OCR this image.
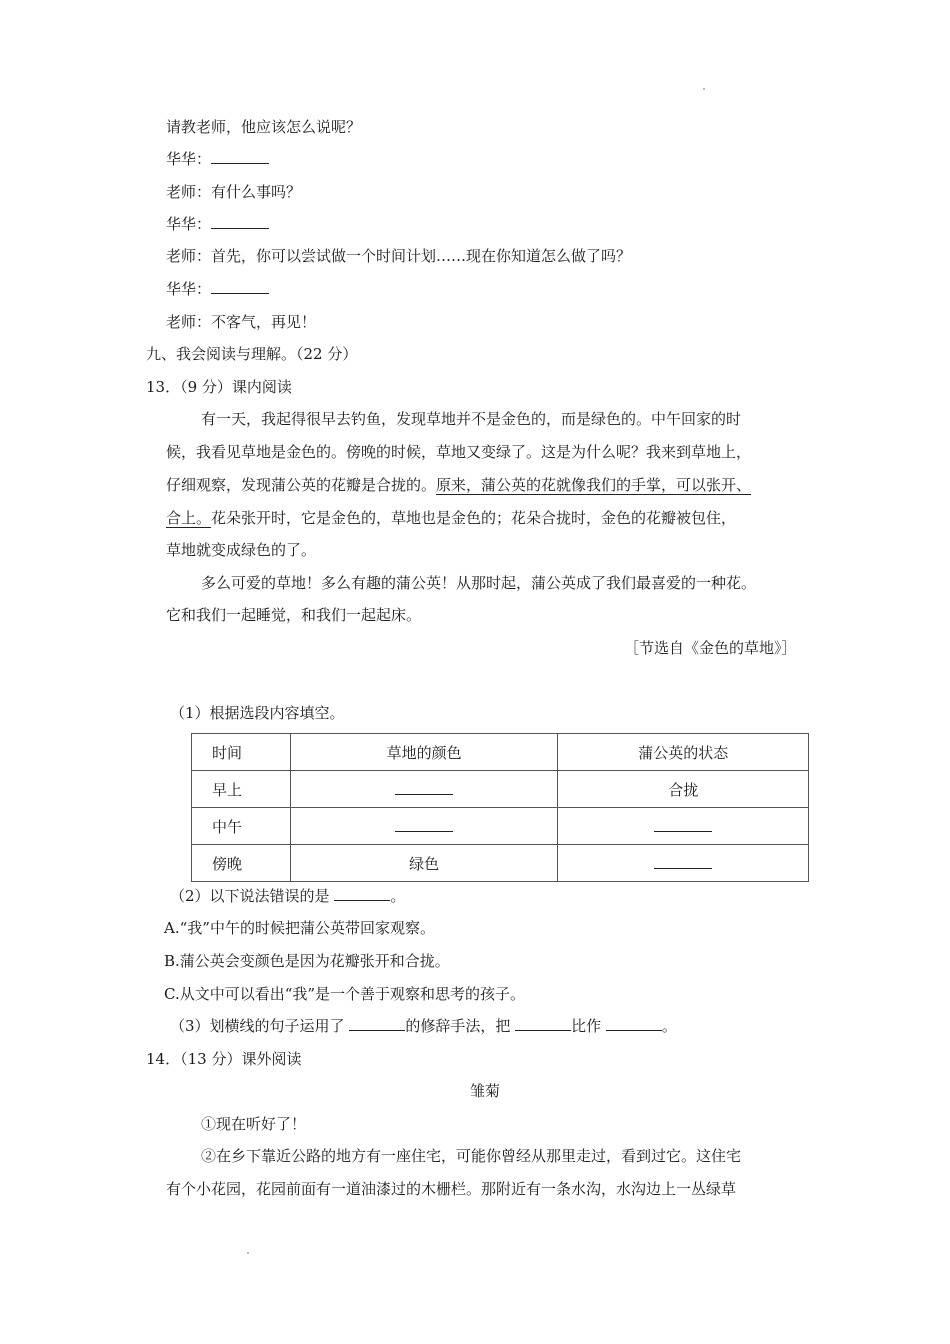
请教老师，他应该怎么说呢？
华华：
老师：有什么事吗？
华华：
老师：首先，你可以尝试做一个时间计划……现在你知道怎么做了吗？
华华：
老师：不客气，再见！
九、我会阅读与理解。（22 分）
13．（9 分）课内阅读
有一天，我起得很早去钓鱼，发现草地并不是金色的，而是绿色的。中午回家的时
候，我看见草地是金色的。傍晚的时候，草地又变绿了。这是为什么呢？我来到草地上，
仔细观察，发现蒲公英的花瓣是合拢的。原来，蒲公英的花就像我们的手掌，可以张开、
合上。花朵张开时，它是金色的，草地也是金色的；花朵合拢时，金色的花瓣被包住，
草地就变成绿色的了。
多么可爱的草地！多么有趣的蒲公英！从那时起，蒲公英成了我们最喜爱的一种花。
它和我们一起睡觉，和我们一起起床。
［节选自《金色的草地》］
（1）根据选段内容填空。
时间	草地的颜色	蒲公英的状态
早上		合拢
中午		
傍晚	绿色	
（2）以下说法错误的是	。
A.“我”中午的时候把蒲公英带回家观察。
B.蒲公英会变颜色是因为花瓣张开和合拢。
C.从文中可以看出“我”是一个善于观察和思考的孩子。
（3）划横线的句子运用了	的修辞手法，把	比作	。
14．（13 分）课外阅读
雏菊
①现在听好了！
②在乡下靠近公路的地方有一座住宅，可能你曾经从那里走过，看到过它。这住宅
有个小花园，花园前面有一道油漆过的木栅栏。那附近有一条水沟，水沟边上一丛绿草
